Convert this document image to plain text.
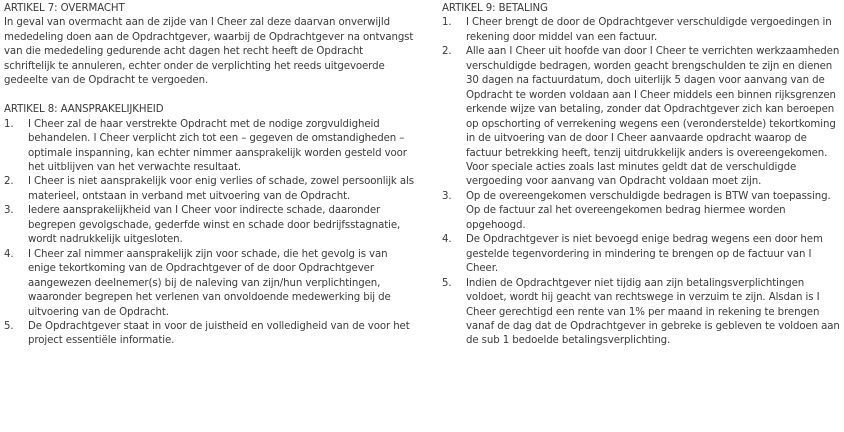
ARTIKEL 7: OVERMACHT

In geval van overmacht aan de zijde van I Cheer zal deze daarvan onverwijld mededeling doen aan de Opdrachtgever, waarbij de Opdrachtgever na ontvangst van die mededeling gedurende acht dagen het recht heeft de Opdracht schriftelijk te annuleren, echter onder de verplichting het reeds uitgevoerde gedeelte van de Opdracht te vergoeden.

ARTIKEL 8: AANSPRAKELIJKHEID
1.	I Cheer zal de haar verstrekte Opdracht met de nodige zorgvuldigheid behandelen. I Cheer verplicht zich tot een – gegeven de omstandigheden – optimale inspanning, kan echter nimmer aansprakelijk worden gesteld voor het uitblijven van het verwachte resultaat.
2.	I Cheer is niet aansprakelijk voor enig verlies of schade, zowel persoonlijk als materieel, ontstaan in verband met uitvoering van de Opdracht.
3.	Iedere aansprakelijkheid van I Cheer voor indirecte schade, daaronder begrepen gevolgschade, gederfde winst en schade door bedrijfsstagnatie, wordt nadrukkelijk uitgesloten.
4.	I Cheer zal nimmer aansprakelijk zijn voor schade, die het gevolg is van enige tekortkoming van de Opdrachtgever of de door Opdrachtgever aangewezen deelnemer(s) bij de naleving van zijn/hun verplichtingen, waaronder begrepen het verlenen van onvoldoende medewerking bij de uitvoering van de Opdracht.
5.	De Opdrachtgever staat in voor de juistheid en volledigheid van de voor het project essentiële informatie.
ARTIKEL 9: BETALING
1.	I Cheer brengt de door de Opdrachtgever verschuldigde vergoedingen in rekening door middel van een factuur.
2.	Alle aan I Cheer uit hoofde van door I Cheer te verrichten werkzaamheden verschuldigde bedragen, worden geacht brengschulden te zijn en dienen 30 dagen na factuurdatum, doch uiterlijk 5 dagen voor aanvang van de Opdracht te worden voldaan aan I Cheer middels een binnen rijksgrenzen erkende wijze van betaling, zonder dat Opdrachtgever zich kan beroepen op opschorting of verrekening wegens een (veronderstelde) tekortkoming in de uitvoering van de door I Cheer aanvaarde opdracht waarop de factuur betrekking heeft, tenzij uitdrukkelijk anders is overeengekomen. Voor speciale acties zoals last minutes geldt dat de verschuldigde vergoeding voor aanvang van Opdracht voldaan moet zijn.
3.	Op de overeengekomen verschuldigde bedragen is BTW van toepassing. Op de factuur zal het overeengekomen bedrag hiermee worden opgehoogd.
4.	De Opdrachtgever is niet bevoegd enige bedrag wegens een door hem gestelde tegenvordering in mindering te brengen op de factuur van I Cheer.
5.	Indien de Opdrachtgever niet tijdig aan zijn betalingsverplichtingen voldoet, wordt hij geacht van rechtswege in verzuim te zijn. Alsdan is I Cheer gerechtigd een rente van 1% per maand in rekening te brengen vanaf de dag dat de Opdrachtgever in gebreke is gebleven te voldoen aan de sub 1 bedoelde betalingsverplichting.
